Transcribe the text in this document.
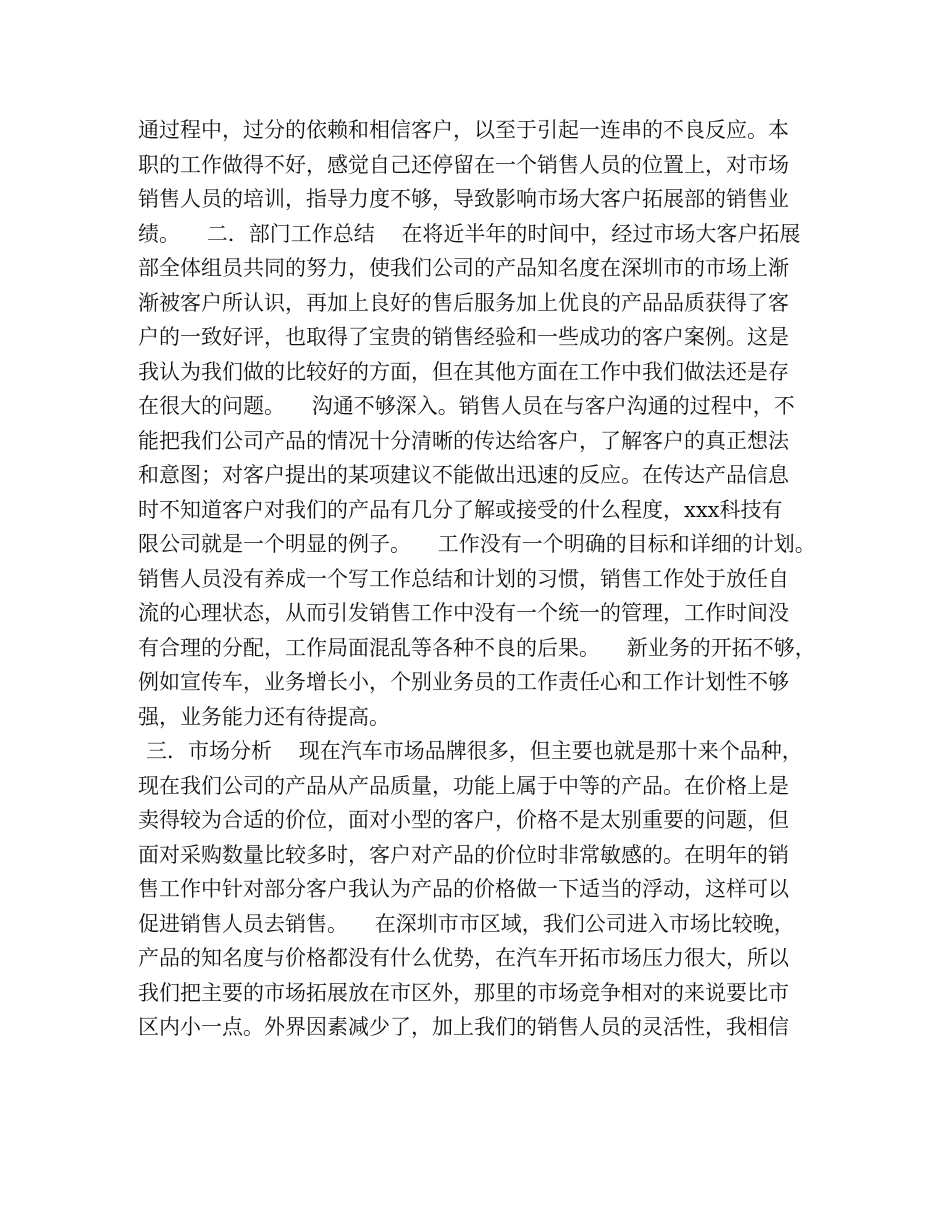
通过程中，过分的依赖和相信客户，以至于引起一连串的不良反应。本
职的工作做得不好，感觉自己还停留在一个销售人员的位置上，对市场
销售人员的培训，指导力度不够，导致影响市场大客户拓展部的销售业
绩。    二．部门工作总结    在将近半年的时间中，经过市场大客户拓展
部全体组员共同的努力，使我们公司的产品知名度在深圳市的市场上渐
渐被客户所认识，再加上良好的售后服务加上优良的产品品质获得了客
户的一致好评，也取得了宝贵的销售经验和一些成功的客户案例。这是
我认为我们做的比较好的方面，但在其他方面在工作中我们做法还是存
在很大的问题。    沟通不够深入。销售人员在与客户沟通的过程中，不
能把我们公司产品的情况十分清晰的传达给客户，了解客户的真正想法
和意图；对客户提出的某项建议不能做出迅速的反应。在传达产品信息
时不知道客户对我们的产品有几分了解或接受的什么程度，xxx科技有
限公司就是一个明显的例子。    工作没有一个明确的目标和详细的计划。
销售人员没有养成一个写工作总结和计划的习惯，销售工作处于放任自
流的心理状态，从而引发销售工作中没有一个统一的管理，工作时间没
有合理的分配，工作局面混乱等各种不良的后果。    新业务的开拓不够，
例如宣传车，业务增长小，个别业务员的工作责任心和工作计划性不够
强，业务能力还有待提高。
三．市场分析    现在汽车市场品牌很多，但主要也就是那十来个品种，
现在我们公司的产品从产品质量，功能上属于中等的产品。在价格上是
卖得较为合适的价位，面对小型的客户，价格不是太别重要的问题，但
面对采购数量比较多时，客户对产品的价位时非常敏感的。在明年的销
售工作中针对部分客户我认为产品的价格做一下适当的浮动，这样可以
促进销售人员去销售。    在深圳市市区域，我们公司进入市场比较晚，
产品的知名度与价格都没有什么优势，在汽车开拓市场压力很大，所以
我们把主要的市场拓展放在市区外，那里的市场竞争相对的来说要比市
区内小一点。外界因素减少了，加上我们的销售人员的灵活性，我相信
